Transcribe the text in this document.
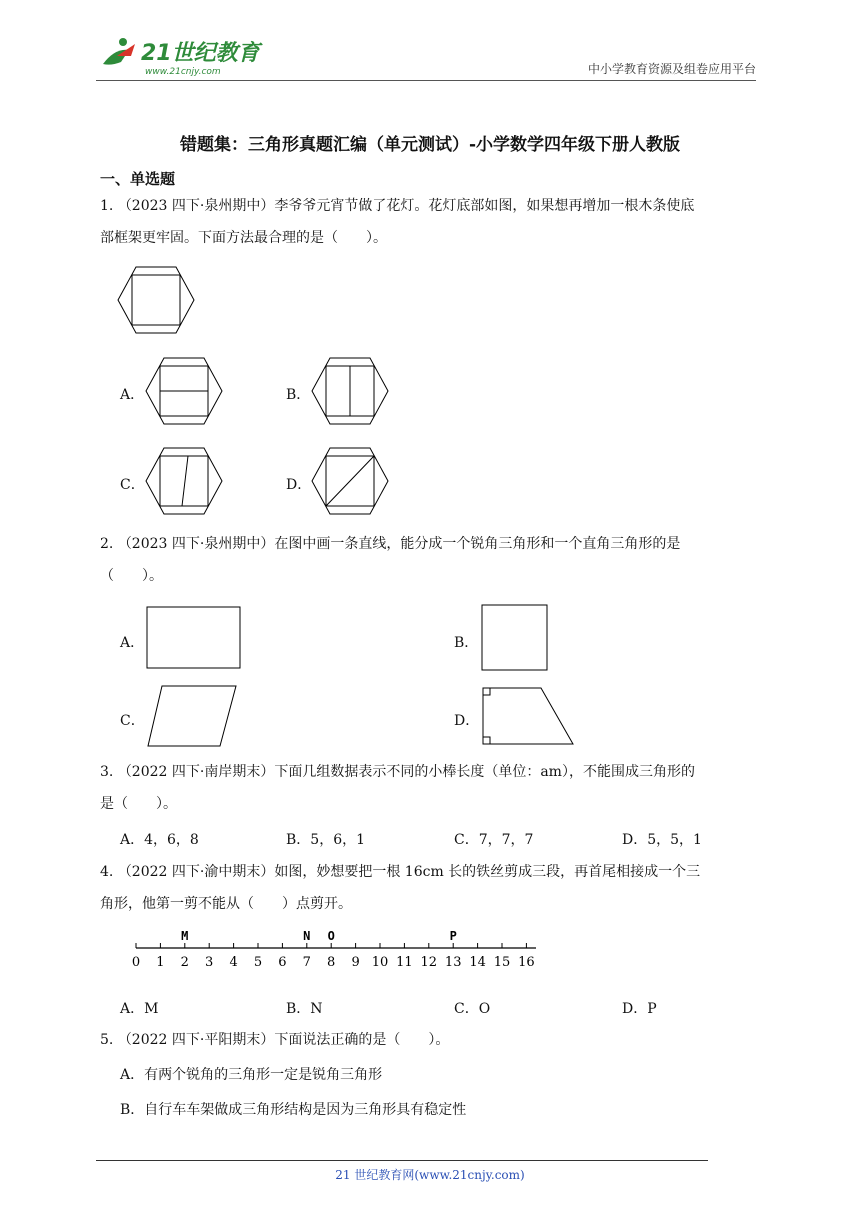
21世纪教育
www.21cnjy.com	中小学教育资源及组卷应用平台
错题集：三角形真题汇编（单元测试）-小学数学四年级下册人教版
一、单选题
1. （2023 四下·泉州期中）李爷爷元宵节做了花灯。花灯底部如图，如果想再增加一根木条使底
部框架更牢固。下面方法最合理的是（　　）。
A．	B．
C．	D．
2. （2023 四下·泉州期中）在图中画一条直线，能分成一个锐角三角形和一个直角三角形的是
（　　）。
A．	B．
C．	D．
3. （2022 四下·南岸期末）下面几组数据表示不同的小棒长度（单位：am），不能围成三角形的
是（　　）。
A．4，6，8	B．5，6，1	C．7，7，7	D．5，5，1
4. （2022 四下·渝中期末）如图，妙想要把一根 16cm 长的铁丝剪成三段，再首尾相接成一个三
角形，他第一剪不能从（　　）点剪开。
0 1 2 3 4 5 6 7 8 9 10 11 12 13 14 15 16
M	N O	P
A．M	B．N	C．O	D．P
5. （2022 四下·平阳期末）下面说法正确的是（　　）。
A．有两个锐角的三角形一定是锐角三角形
B．自行车车架做成三角形结构是因为三角形具有稳定性
21 世纪教育网(www.21cnjy.com)
